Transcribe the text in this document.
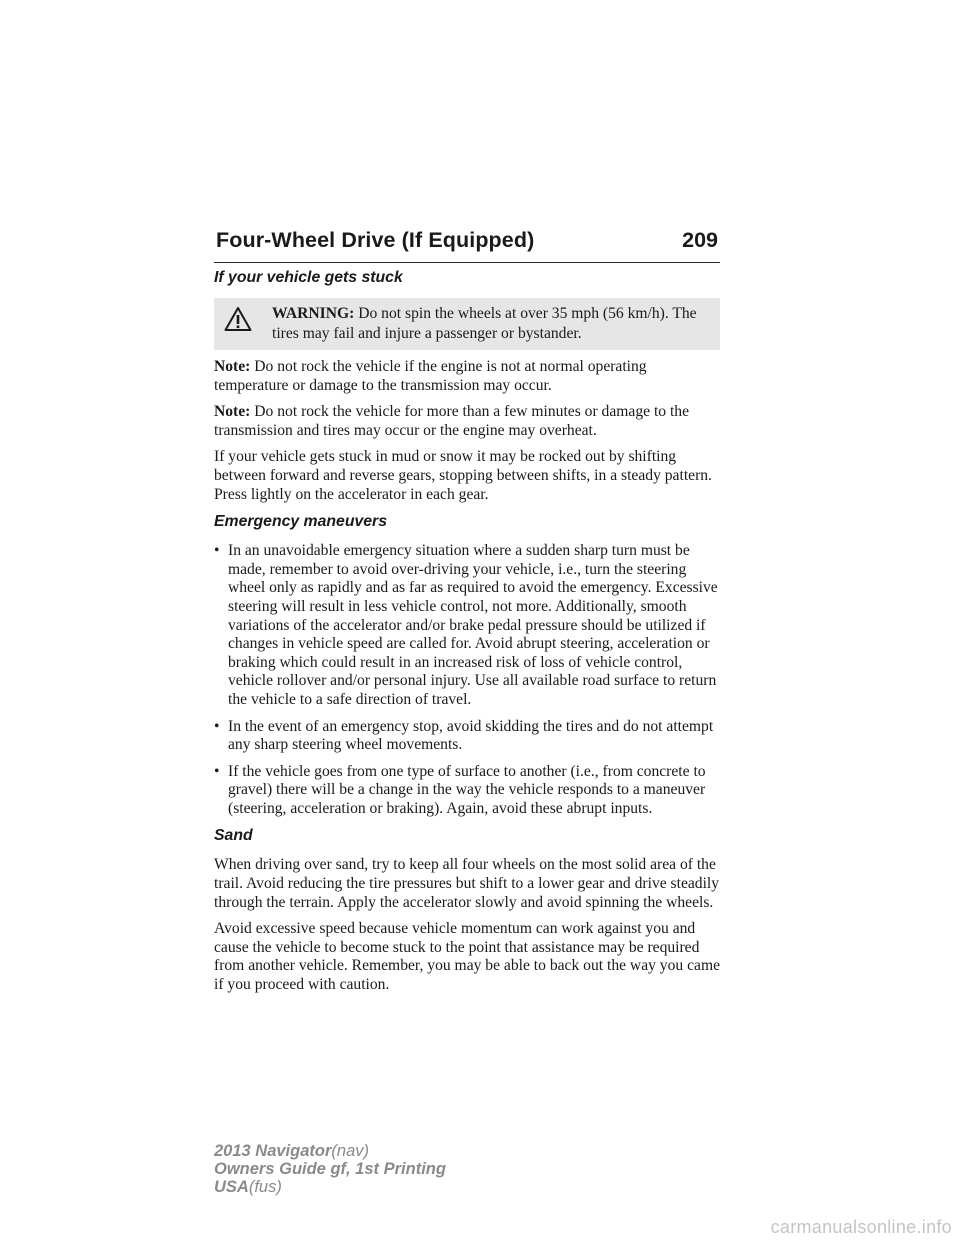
Four-Wheel Drive (If Equipped)	209
If your vehicle gets stuck
WARNING: Do not spin the wheels at over 35 mph (56 km/h). The tires may fail and injure a passenger or bystander.

Note: Do not rock the vehicle if the engine is not at normal operating temperature or damage to the transmission may occur.

Note: Do not rock the vehicle for more than a few minutes or damage to the transmission and tires may occur or the engine may overheat.

If your vehicle gets stuck in mud or snow it may be rocked out by shifting between forward and reverse gears, stopping between shifts, in a steady pattern. Press lightly on the accelerator in each gear.

Emergency maneuvers
• In an unavoidable emergency situation where a sudden sharp turn must be made, remember to avoid over-driving your vehicle, i.e., turn the steering wheel only as rapidly and as far as required to avoid the emergency. Excessive steering will result in less vehicle control, not more. Additionally, smooth variations of the accelerator and/or brake pedal pressure should be utilized if changes in vehicle speed are called for. Avoid abrupt steering, acceleration or braking which could result in an increased risk of loss of vehicle control, vehicle rollover and/or personal injury. Use all available road surface to return the vehicle to a safe direction of travel.
• In the event of an emergency stop, avoid skidding the tires and do not attempt any sharp steering wheel movements.
• If the vehicle goes from one type of surface to another (i.e., from concrete to gravel) there will be a change in the way the vehicle responds to a maneuver (steering, acceleration or braking). Again, avoid these abrupt inputs.
Sand

When driving over sand, try to keep all four wheels on the most solid area of the trail. Avoid reducing the tire pressures but shift to a lower gear and drive steadily through the terrain. Apply the accelerator slowly and avoid spinning the wheels.

Avoid excessive speed because vehicle momentum can work against you and cause the vehicle to become stuck to the point that assistance may be required from another vehicle. Remember, you may be able to back out the way you came if you proceed with caution.

2013 Navigator(nav)
Owners Guide gf, 1st Printing
USA(fus)
carmanualsonline.info
